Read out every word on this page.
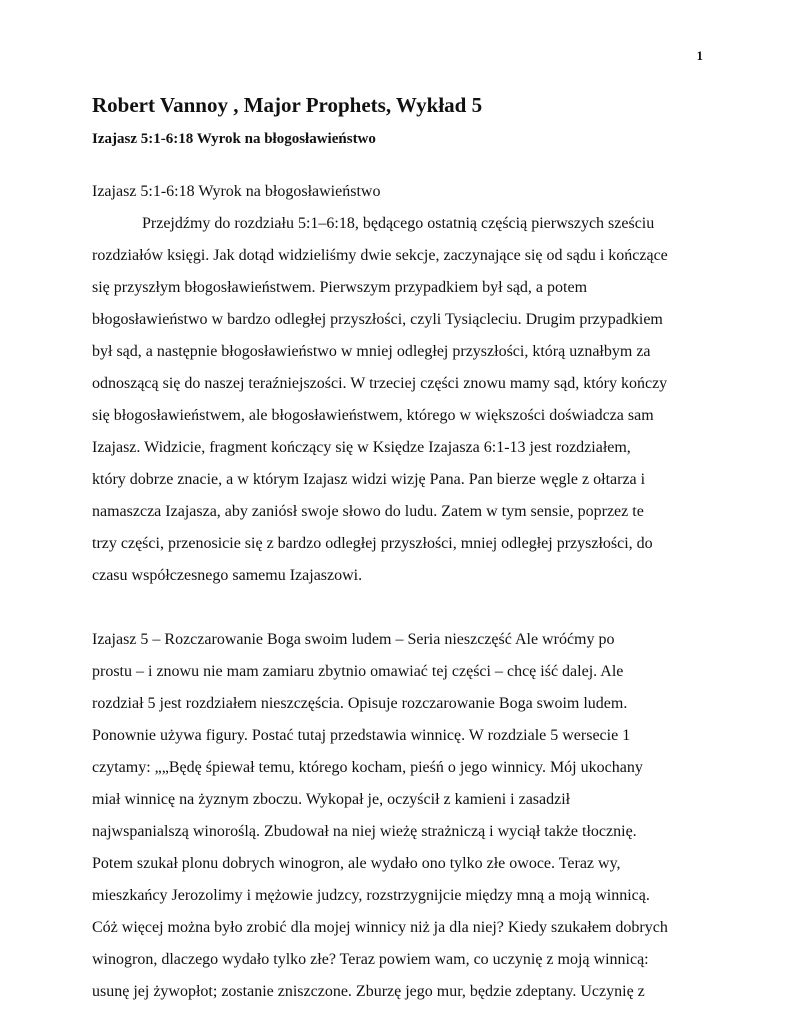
1
Robert Vannoy , Major Prophets, Wykład 5
Izajasz 5:1-6:18 Wyrok na błogosławieństwo
Izajasz 5:1-6:18 Wyrok na błogosławieństwo
Przejdźmy do rozdziału 5:1–6:18, będącego ostatnią częścią pierwszych sześciu
rozdziałów księgi. Jak dotąd widzieliśmy dwie sekcje, zaczynające się od sądu i kończące
się przyszłym błogosławieństwem. Pierwszym przypadkiem był sąd, a potem
błogosławieństwo w bardzo odległej przyszłości, czyli Tysiącleciu. Drugim przypadkiem
był sąd, a następnie błogosławieństwo w mniej odległej przyszłości, którą uznałbym za
odnoszącą się do naszej teraźniejszości. W trzeciej części znowu mamy sąd, który kończy
się błogosławieństwem, ale błogosławieństwem, którego w większości doświadcza sam
Izajasz. Widzicie, fragment kończący się w Księdze Izajasza 6:1-13 jest rozdziałem,
który dobrze znacie, a w którym Izajasz widzi wizję Pana. Pan bierze węgle z ołtarza i
namaszcza Izajasza, aby zaniósł swoje słowo do ludu. Zatem w tym sensie, poprzez te
trzy części, przenosicie się z bardzo odległej przyszłości, mniej odległej przyszłości, do
czasu współczesnego samemu Izajaszowi.
Izajasz 5 – Rozczarowanie Boga swoim ludem – Seria nieszczęść Ale wróćmy po
prostu – i znowu nie mam zamiaru zbytnio omawiać tej części – chcę iść dalej. Ale
rozdział 5 jest rozdziałem nieszczęścia. Opisuje rozczarowanie Boga swoim ludem.
Ponownie używa figury. Postać tutaj przedstawia winnicę. W rozdziale 5 wersecie 1
czytamy: „„Będę śpiewał temu, którego kocham, pieśń o jego winnicy. Mój ukochany
miał winnicę na żyznym zboczu. Wykopał je, oczyścił z kamieni i zasadził
najwspanialszą winoroślą. Zbudował na niej wieżę strażniczą i wyciął także tłocznię.
Potem szukał plonu dobrych winogron, ale wydało ono tylko złe owoce. Teraz wy,
mieszkańcy Jerozolimy i mężowie judzcy, rozstrzygnijcie między mną a moją winnicą.
Cóż więcej można było zrobić dla mojej winnicy niż ja dla niej? Kiedy szukałem dobrych
winogron, dlaczego wydało tylko złe? Teraz powiem wam, co uczynię z moją winnicą:
usunę jej żywopłot; zostanie zniszczone. Zburzę jego mur, będzie zdeptany. Uczynię z
